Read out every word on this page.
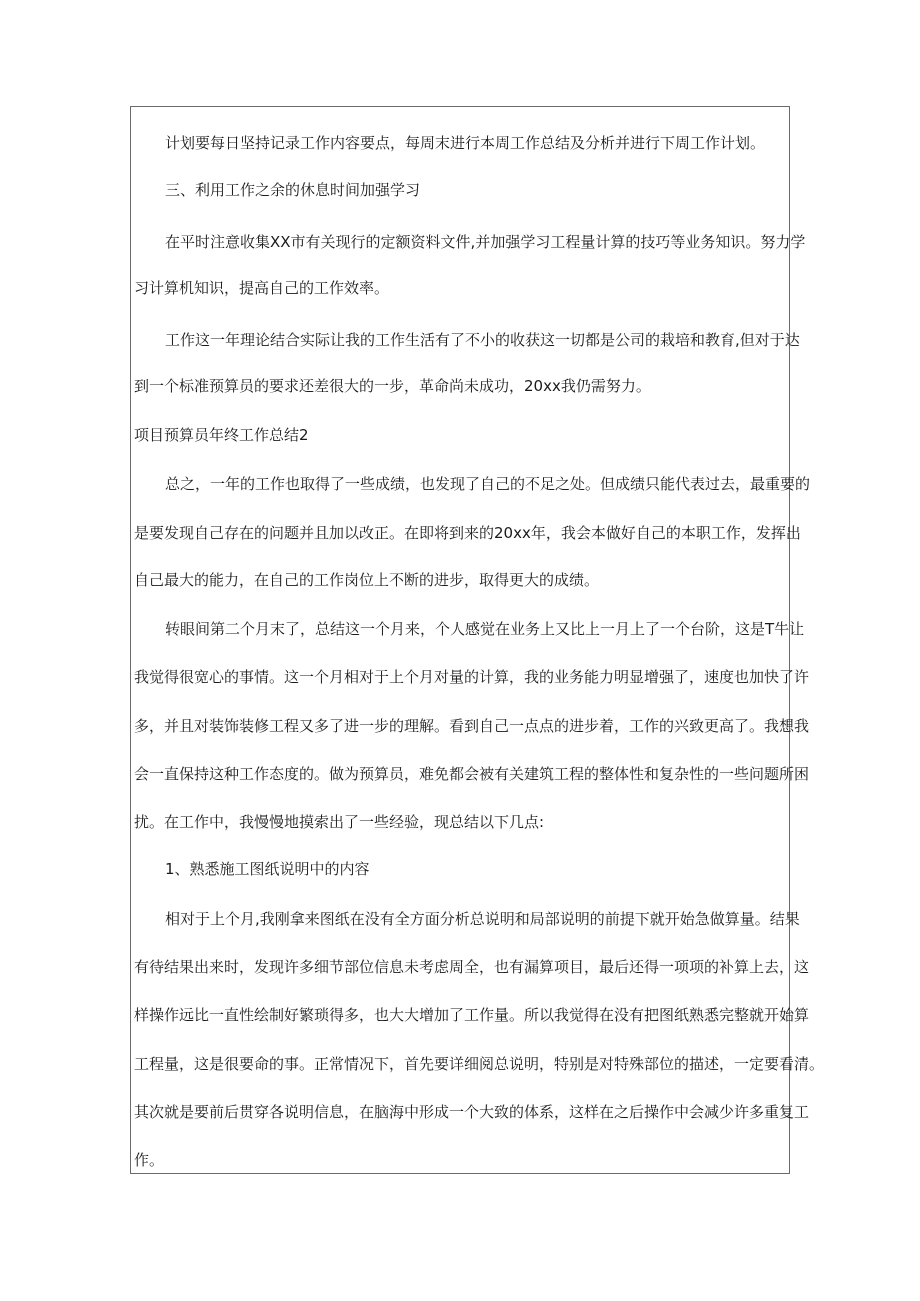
计划要每日坚持记录工作内容要点，每周末进行本周工作总结及分析并进行下周工作计划。
三、利用工作之余的休息时间加强学习
在平时注意收集XX市有关现行的定额资料文件,并加强学习工程量计算的技巧等业务知识。努力学
习计算机知识，提高自己的工作效率。
工作这一年理论结合实际让我的工作生活有了不小的收获这一切都是公司的栽培和教育,但对于达
到一个标准预算员的要求还差很大的一步，革命尚未成功，20xx我仍需努力。
项目预算员年终工作总结2
总之，一年的工作也取得了一些成绩，也发现了自己的不足之处。但成绩只能代表过去，最重要的
是要发现自己存在的问题并且加以改正。在即将到来的20xx年，我会本做好自己的本职工作，发挥出
自己最大的能力，在自己的工作岗位上不断的进步，取得更大的成绩。
转眼间第二个月末了，总结这一个月来，个人感觉在业务上又比上一月上了一个台阶，这是T牛让
我觉得很宽心的事情。这一个月相对于上个月对量的计算，我的业务能力明显增强了，速度也加快了许
多，并且对装饰装修工程又多了进一步的理解。看到自己一点点的进步着，工作的兴致更高了。我想我
会一直保持这种工作态度的。做为预算员，难免都会被有关建筑工程的整体性和复杂性的一些问题所困
扰。在工作中，我慢慢地摸索出了一些经验，现总结以下几点:
1、熟悉施工图纸说明中的内容
相对于上个月,我刚拿来图纸在没有全方面分析总说明和局部说明的前提下就开始急做算量。结果
有待结果出来时，发现许多细节部位信息未考虑周全，也有漏算项目，最后还得一项项的补算上去，这
样操作远比一直性绘制好繁琐得多，也大大增加了工作量。所以我觉得在没有把图纸熟悉完整就开始算
工程量，这是很要命的事。正常情况下，首先要详细阅总说明，特别是对特殊部位的描述，一定要看清。
其次就是要前后贯穿各说明信息，在脑海中形成一个大致的体系，这样在之后操作中会减少许多重复工
作。
